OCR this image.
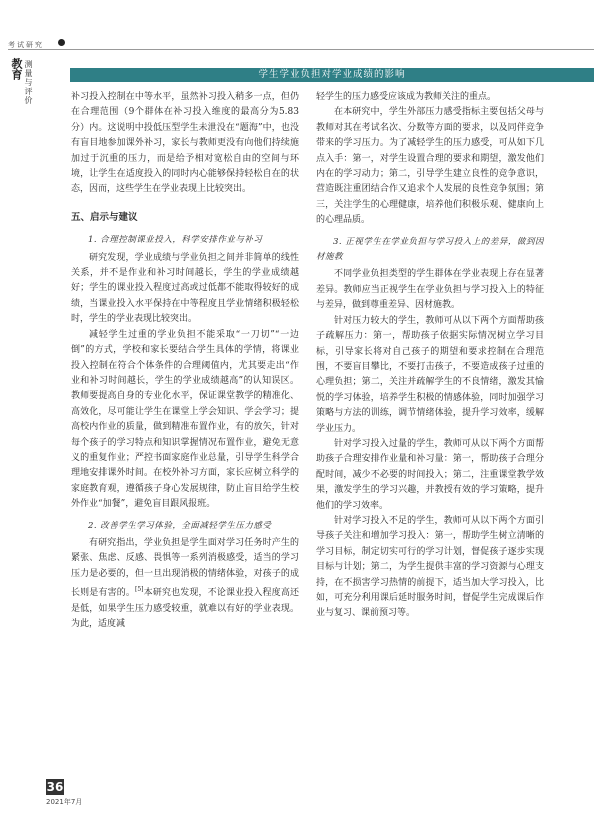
考试研究
教育 测量与评价	学生学业负担对学业成绩的影响

补习投入控制在中等水平，虽然补习投入稍多一点，但仍在合理范围（9个群体在补习投入维度的最高分为5.83分）内。这说明中投低压型学生未泄没在“题海”中，也没有盲目地参加课外补习，家长与教师更没有向他们持续施加过于沉重的压力，而是给予相对宽松自由的空间与环境，让学生在适度投入的同时内心能够保持轻松自在的状态，因而，这些学生在学业表现上比较突出。

五、启示与建议
1. 合理控制课业投入，科学安排作业与补习

研究发现，学业成绩与学业负担之间并非简单的线性关系，并不是作业和补习时间越长，学生的学业成绩越好；学生的课业投入程度过高或过低都不能取得较好的成绩，当课业投入水平保持在中等程度且学业情绪积极轻松时，学生的学业表现比较突出。

减轻学生过重的学业负担不能采取“一刀切”“一边倒”的方式，学校和家长要结合学生具体的学情，将课业投入控制在符合个体条件的合理阈值内，尤其要走出“作业和补习时间越长，学生的学业成绩越高”的认知误区。教师要提高自身的专业化水平，保证课堂教学的精准化、高效化，尽可能让学生在课堂上学会知识、学会学习；提高校内作业的质量，做到精准布置作业，有的放矢，针对每个孩子的学习特点和知识掌握情况布置作业，避免无意义的重复作业；严控书面家庭作业总量，引导学生科学合理地安排课外时间。在校外补习方面，家长应树立科学的家庭教育观，遵循孩子身心发展规律，防止盲目给学生校外作业“加餐”，避免盲目跟风报班。

2. 改善学生学习体验，全面减轻学生压力感受

有研究指出，学业负担是学生面对学习任务时产生的紧张、焦虑、反感、畏惧等一系列消极感受，适当的学习压力是必要的，但一旦出现消极的情绪体验，对孩子的成长则是有害的。[5]本研究也发现，不论课业投入程度高还是低，如果学生压力感受较重，就难以有好的学业表现。为此，适度减

轻学生的压力感受应该成为教师关注的重点。

在本研究中，学生外部压力感受指标主要包括父母与教师对其在考试名次、分数等方面的要求，以及同伴竞争带来的学习压力。为了减轻学生的压力感受，可从如下几点入手：第一，对学生设置合理的要求和期望，激发他们内在的学习动力；第二，引导学生建立良性的竞争意识，营造既注重团结合作又追求个人发展的良性竞争氛围；第三，关注学生的心理健康，培养他们积极乐观、健康向上的心理品质。

3. 正视学生在学业负担与学习投入上的差异，做到因材施教

不同学业负担类型的学生群体在学业表现上存在显著差异。教师应当正视学生在学业负担与学习投入上的特征与差异，做到尊重差异、因材施教。

针对压力较大的学生，教师可从以下两个方面帮助孩子疏解压力：第一，帮助孩子依据实际情况树立学习目标，引导家长将对自己孩子的期望和要求控制在合理范围，不要盲目攀比，不要打击孩子，不要造成孩子过重的心理负担；第二，关注并疏解学生的不良情绪，激发其愉悦的学习体验，培养学生积极的情感体验，同时加强学习策略与方法的训练，调节情绪体验，提升学习效率，缓解学业压力。

针对学习投入过量的学生，教师可从以下两个方面帮助孩子合理安排作业量和补习量：第一，帮助孩子合理分配时间，减少不必要的时间投入；第二，注重课堂教学效果，激发学生的学习兴趣，并教授有效的学习策略，提升他们的学习效率。

针对学习投入不足的学生，教师可从以下两个方面引导孩子关注和增加学习投入：第一，帮助学生树立清晰的学习目标，制定切实可行的学习计划，督促孩子逐步实现目标与计划；第二，为学生提供丰富的学习资源与心理支持，在不损害学习热情的前提下，适当加大学习投入，比如，可充分利用课后延时服务时间，督促学生完成课后作业与复习、课前预习等。

36
2021年7月
